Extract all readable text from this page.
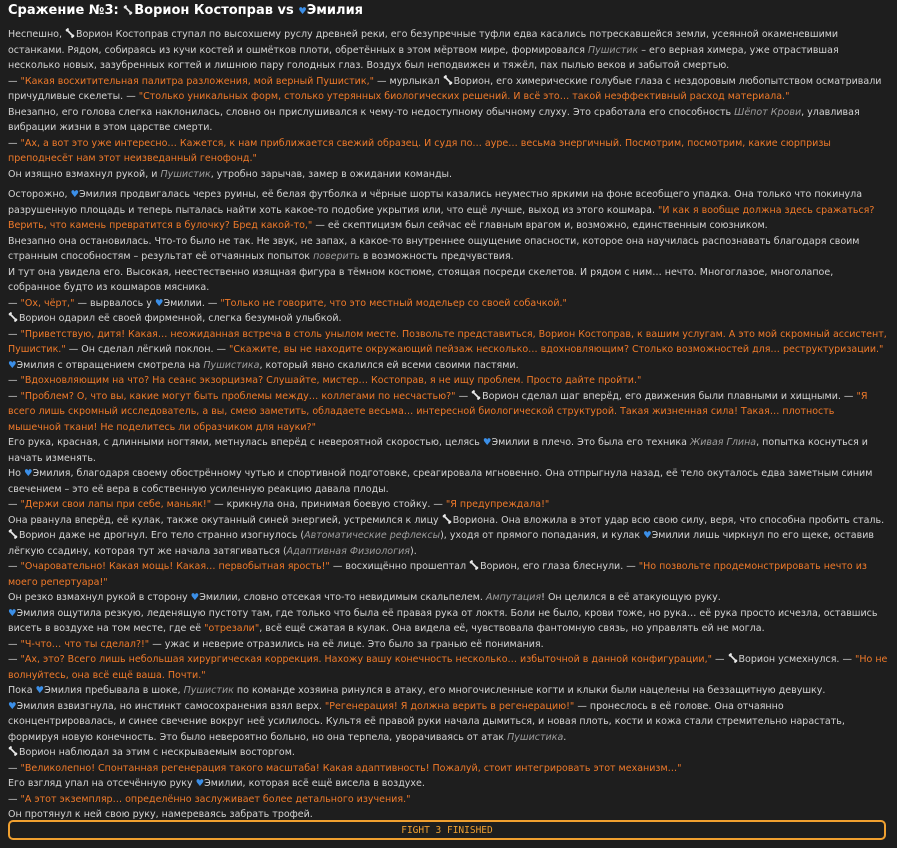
Сражение №3: Ворион Костоправ vs ♥Эмилия

Неспешно, Ворион Костоправ ступал по высохшему руслу древней реки, его безупречные туфли едва касались потрескавшейся земли, усеянной окаменевшими останками. Рядом, собираясь из кучи костей и ошмётков плоти, обретённых в этом мёртвом мире, формировался Пушистик – его верная химера, уже отрастившая несколько новых, зазубренных когтей и лишнюю пару голодных глаз. Воздух был неподвижен и тяжёл, пах пылью веков и забытой смертью.

— "Какая восхитительная палитра разложения, мой верный Пушистик," — мурлыкал Ворион, его химерические голубые глаза с нездоровым любопытством осматривали причудливые скелеты. — "Столько уникальных форм, столько утерянных биологических решений. И всё это… такой неэффективный расход материала."

Внезапно, его голова слегка наклонилась, словно он прислушивался к чему-то недоступному обычному слуху. Это сработала его способность Шёпот Крови, улавливая вибрации жизни в этом царстве смерти.

— "Ах, а вот это уже интересно… Кажется, к нам приближается свежий образец. И судя по… ауре… весьма энергичный. Посмотрим, посмотрим, какие сюрпризы преподнесёт нам этот неизведанный генофонд."

Он изящно взмахнул рукой, и Пушистик, утробно зарычав, замер в ожидании команды.

Осторожно, ♥Эмилия продвигалась через руины, её белая футболка и чёрные шорты казались неуместно яркими на фоне всеобщего упадка. Она только что покинула разрушенную площадь и теперь пыталась найти хоть какое-то подобие укрытия или, что ещё лучше, выход из этого кошмара. "И как я вообще должна здесь сражаться? Верить, что камень превратится в булочку? Бред какой-то," — её скептицизм был сейчас её главным врагом и, возможно, единственным союзником.

Внезапно она остановилась. Что-то было не так. Не звук, не запах, а какое-то внутреннее ощущение опасности, которое она научилась распознавать благодаря своим странным способностям – результат её отчаянных попыток поверить в возможность предчувствия.

И тут она увидела его. Высокая, неестественно изящная фигура в тёмном костюме, стоящая посреди скелетов. И рядом с ним… нечто. Многоглазое, многолапое, собранное будто из кошмаров мясника.

— "Ох, чёрт," — вырвалось у ♥Эмилии. — "Только не говорите, что это местный модельер со своей собачкой."

Ворион одарил её своей фирменной, слегка безумной улыбкой.

— "Приветствую, дитя! Какая… неожиданная встреча в столь унылом месте. Позвольте представиться, Ворион Костоправ, к вашим услугам. А это мой скромный ассистент, Пушистик." — Он сделал лёгкий поклон. — "Скажите, вы не находите окружающий пейзаж несколько… вдохновляющим? Столько возможностей для… реструктуризации."

♥Эмилия с отвращением смотрела на Пушистика, который явно скалился ей всеми своими пастями.

— "Вдохновляющим на что? На сеанс экзорцизма? Слушайте, мистер… Костоправ, я не ищу проблем. Просто дайте пройти."

— "Проблем? О, что вы, какие могут быть проблемы между… коллегами по несчастью?" — Ворион сделал шаг вперёд, его движения были плавными и хищными. — "Я всего лишь скромный исследователь, а вы, смею заметить, обладаете весьма… интересной биологической структурой. Такая жизненная сила! Такая… плотность мышечной ткани! Не поделитесь ли образчиком для науки?"

Его рука, красная, с длинными ногтями, метнулась вперёд с невероятной скоростью, целясь ♥Эмилии в плечо. Это была его техника Живая Глина, попытка коснуться и начать изменять.

Но ♥Эмилия, благодаря своему обострённому чутью и спортивной подготовке, среагировала мгновенно. Она отпрыгнула назад, её тело окуталось едва заметным синим свечением – это её вера в собственную усиленную реакцию давала плоды.

— "Держи свои лапы при себе, маньяк!" — крикнула она, принимая боевую стойку. — "Я предупреждала!"

Она рванула вперёд, её кулак, также окутанный синей энергией, устремился к лицу Вориона. Она вложила в этот удар всю свою силу, веря, что способна пробить сталь. Ворион даже не дрогнул. Его тело странно изогнулось (Автоматические рефлексы), уходя от прямого попадания, и кулак ♥Эмилии лишь чиркнул по его щеке, оставив лёгкую ссадину, которая тут же начала затягиваться (Адаптивная Физиология).

— "Очаровательно! Какая мощь! Какая… первобытная ярость!" — восхищённо прошептал Ворион, его глаза блеснули. — "Но позвольте продемонстрировать нечто из моего репертуара!"

Он резко взмахнул рукой в сторону ♥Эмилии, словно отсекая что-то невидимым скальпелем. Ампутация! Он целился в её атакующую руку.

♥Эмилия ощутила резкую, леденящую пустоту там, где только что была её правая рука от локтя. Боли не было, крови тоже, но рука… её рука просто исчезла, оставшись висеть в воздухе на том месте, где её "отрезали", всё ещё сжатая в кулак. Она видела её, чувствовала фантомную связь, но управлять ей не могла.

— "Ч-что… что ты сделал?!" — ужас и неверие отразились на её лице. Это было за гранью её понимания.

— "Ах, это? Всего лишь небольшая хирургическая коррекция. Нахожу вашу конечность несколько… избыточной в данной конфигурации," — Ворион усмехнулся. — "Но не волнуйтесь, она всё ещё ваша. Почти."

Пока ♥Эмилия пребывала в шоке, Пушистик по команде хозяина ринулся в атаку, его многочисленные когти и клыки были нацелены на беззащитную девушку.

♥Эмилия взвизгнула, но инстинкт самосохранения взял верх. "Регенерация! Я должна верить в регенерацию!" — пронеслось в её голове. Она отчаянно сконцентрировалась, и синее свечение вокруг неё усилилось. Культя её правой руки начала дымиться, и новая плоть, кости и кожа стали стремительно нарастать, формируя новую конечность. Это было невероятно больно, но она терпела, уворачиваясь от атак Пушистика.

Ворион наблюдал за этим с нескрываемым восторгом.

— "Великолепно! Спонтанная регенерация такого масштаба! Какая адаптивность! Пожалуй, стоит интегрировать этот механизм…"

Его взгляд упал на отсечённую руку ♥Эмилии, которая всё ещё висела в воздухе.

— "А этот экземпляр… определённо заслуживает более детального изучения."

Он протянул к ней свою руку, намереваясь забрать трофей.

FIGHT 3 FINISHED
